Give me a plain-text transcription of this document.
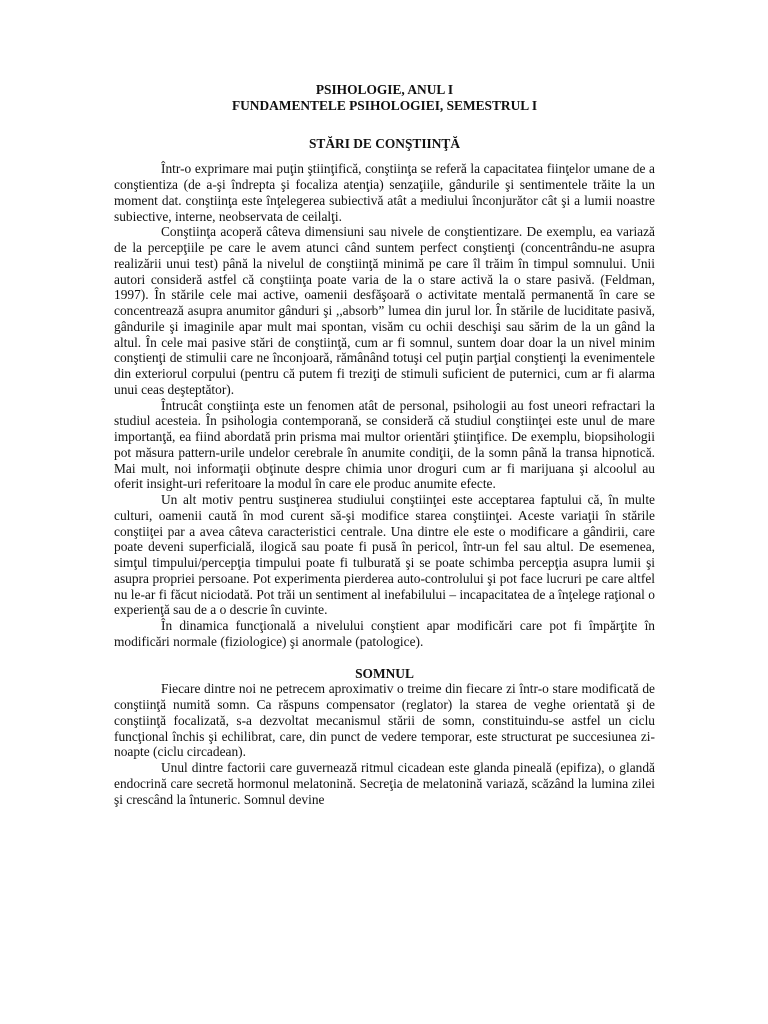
PSIHOLOGIE, ANUL I
FUNDAMENTELE PSIHOLOGIEI, SEMESTRUL I
STĂRI DE CONŞTIINŢĂ

Într-o exprimare mai puţin ştiinţifică, conştiinţa se referă la capacitatea fiinţelor umane de a conştientiza (de a-şi îndrepta şi focaliza atenţia) senzaţiile, gândurile şi sentimentele trăite la un moment dat. conştiinţa este înţelegerea subiectivă atât a mediului înconjurător cât şi a lumii noastre subiective, interne, neobservata de ceilalţi.

Conştiinţa acoperă câteva dimensiuni sau nivele de conştientizare. De exemplu, ea variază de la percepţiile pe care le avem atunci când suntem perfect conştienţi (concentrându-ne asupra realizării unui test) până la nivelul de conştiinţă minimă pe care îl trăim în timpul somnului. Unii autori consideră astfel că conştiinţa poate varia de la o stare activă la o stare pasivă. (Feldman, 1997). În stările cele mai active, oamenii desfăşoară o activitate mentală permanentă în care se concentrează asupra anumitor gânduri şi ,,absorb” lumea din jurul lor. În stările de luciditate pasivă, gândurile şi imaginile apar mult mai spontan, visăm cu ochii deschişi sau sărim de la un gând la altul. În cele mai pasive stări de conştiinţă, cum ar fi somnul, suntem doar doar la un nivel minim conştienţi de stimulii care ne înconjoară, rămânând totuşi cel puţin parţial conştienţi la evenimentele din exteriorul corpului (pentru că putem fi treziţi de stimuli suficient de puternici, cum ar fi alarma unui ceas deşteptător).

Întrucât conştiinţa este un fenomen atât de personal, psihologii au fost uneori refractari la studiul acesteia. În psihologia contemporană, se consideră că studiul conştiinţei este unul de mare importanţă, ea fiind abordată prin prisma mai multor orientări ştiinţifice. De exemplu, biopsihologii pot măsura pattern-urile undelor cerebrale în anumite condiţii, de la somn până la transa hipnotică. Mai mult, noi informaţii obţinute despre chimia unor droguri cum ar fi marijuana şi alcoolul au oferit insight-uri referitoare la modul în care ele produc anumite efecte.

Un alt motiv pentru susţinerea studiului conştiinţei este acceptarea faptului că, în multe culturi, oamenii caută în mod curent să-şi modifice starea conştiinţei. Aceste variaţii în stările conştiiţei par a avea câteva caracteristici centrale. Una dintre ele este o modificare a gândirii, care poate deveni superficială, ilogică sau poate fi pusă în pericol, într-un fel sau altul. De esemenea, simţul timpului/percepţia timpului poate fi tulburată şi se poate schimba percepţia asupra lumii şi asupra propriei persoane. Pot experimenta pierderea auto-controlului şi pot face lucruri pe care altfel nu le-ar fi făcut niciodată. Pot trăi un sentiment al inefabilului – incapacitatea de a înţelege raţional o experienţă sau de a o descrie în cuvinte.

În dinamica funcţională a nivelului conştient apar modificări care pot fi împărţite în modificări normale (fiziologice) şi anormale (patologice).

SOMNUL

Fiecare dintre noi ne petrecem aproximativ o treime din fiecare zi într-o stare modificată de conştiinţă numită somn. Ca răspuns compensator (reglator) la starea de veghe orientată şi de conştiinţă focalizată, s-a dezvoltat mecanismul stării de somn, constituindu-se astfel un ciclu funcţional închis şi echilibrat, care, din punct de vedere temporar, este structurat pe succesiunea zi-noapte (ciclu circadean).

Unul dintre factorii care guvernează ritmul cicadean este glanda pineală (epifiza), o glandă endocrină care secretă hormonul melatonină. Secreţia de melatonină variază, scăzând la lumina zilei şi crescând la întuneric. Somnul devine
